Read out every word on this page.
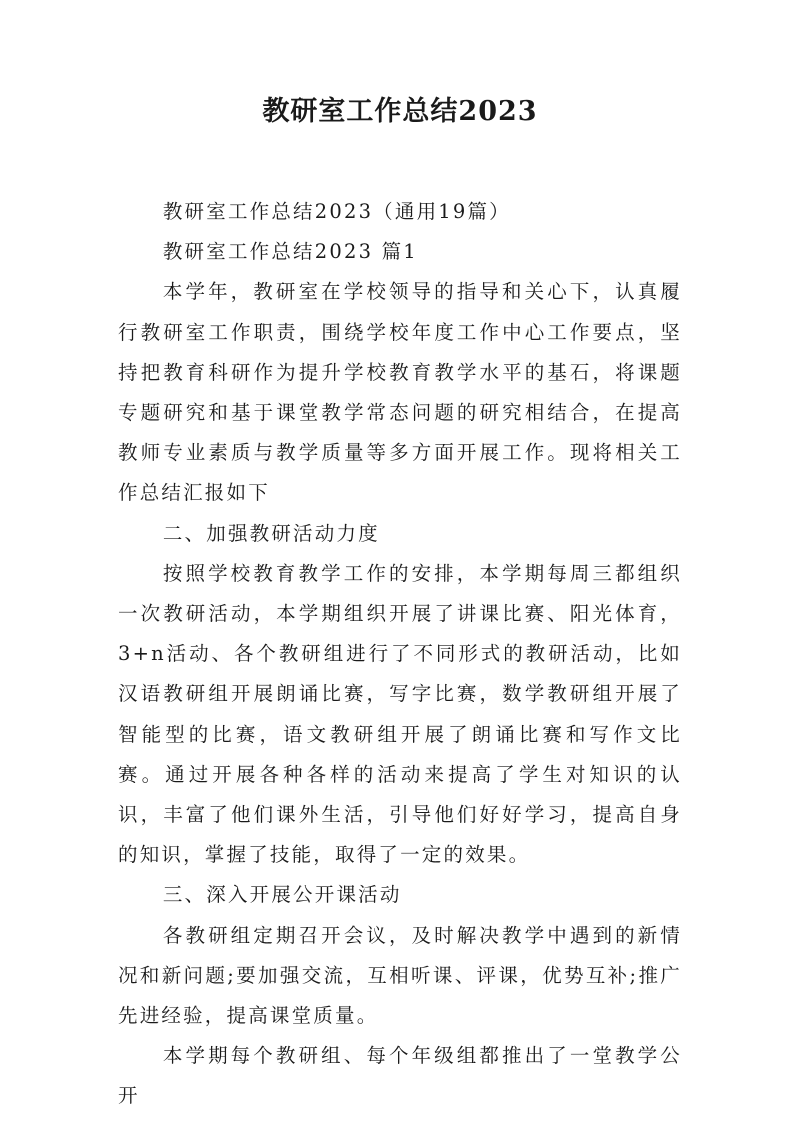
教研室工作总结2023

教研室工作总结2023（通用19篇）

教研室工作总结2023 篇1

本学年，教研室在学校领导的指导和关心下，认真履行教研室工作职责，围绕学校年度工作中心工作要点，坚持把教育科研作为提升学校教育教学水平的基石，将课题专题研究和基于课堂教学常态问题的研究相结合，在提高教师专业素质与教学质量等多方面开展工作。现将相关工作总结汇报如下

二、加强教研活动力度

按照学校教育教学工作的安排，本学期每周三都组织一次教研活动，本学期组织开展了讲课比赛、阳光体育，3+n活动、各个教研组进行了不同形式的教研活动，比如汉语教研组开展朗诵比赛，写字比赛，数学教研组开展了智能型的比赛，语文教研组开展了朗诵比赛和写作文比赛。通过开展各种各样的活动来提高了学生对知识的认识，丰富了他们课外生活，引导他们好好学习，提高自身的知识，掌握了技能，取得了一定的效果。

三、深入开展公开课活动

各教研组定期召开会议，及时解决教学中遇到的新情况和新问题;要加强交流，互相听课、评课，优势互补;推广先进经验，提高课堂质量。

本学期每个教研组、每个年级组都推出了一堂教学公开
